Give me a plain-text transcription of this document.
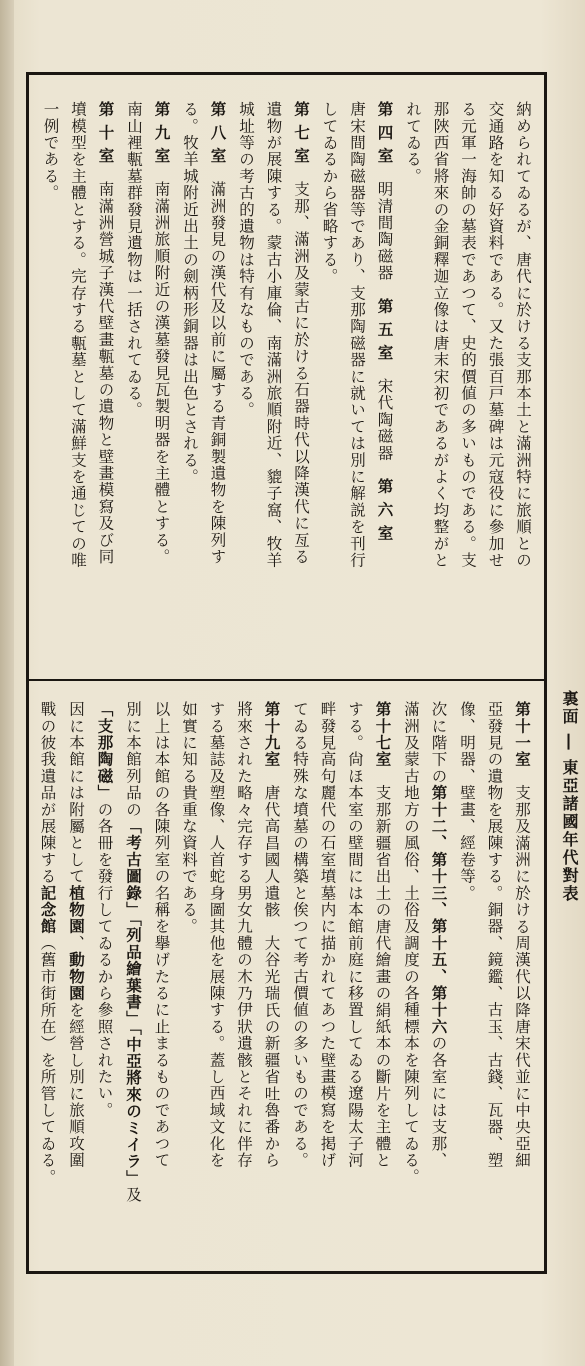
裏面 ― 東亞諸國年代對表
納められてゐるが、唐代に於ける支那本土と滿洲特に旅順との
交通路を知る好資料である。又た張百戸墓碑は元寇役に參加せ
る元軍一海帥の墓表であつて、史的價値の多いものである。支
那陜西省將來の金銅釋迦立像は唐末宋初であるがよく均整がと
れてゐる。
第 四 室　明清間陶磁器　第 五 室　宋代陶磁器　第 六 室
唐宋間陶磁器等であり、支那陶磁器に就いては別に解説を刊行
してゐるから省略する。
第 七 室　支那、滿洲及蒙古に於ける石器時代以降漢代に亙る
遺物が展陳する。蒙古小庫倫、南滿洲旅順附近、貔子窩、牧羊
城址等の考古的遺物は特有なものである。
第 八 室　滿洲發見の漢代及以前に屬する青銅製遺物を陳列す
る。牧羊城附近出土の劍柄形銅器は出色とされる。
第 九 室　南滿洲旅順附近の漢墓發見瓦製明器を主體とする。
南山裡甎墓群發見遺物は一括されてゐる。
第 十 室　南滿洲營城子漢代壁畫甎墓の遺物と壁畫模寫及び同
墳模型を主體とする。完存する甎墓として滿鮮支を通じての唯
一例である。
第十一室　支那及滿洲に於ける周漢代以降唐宋代並に中央亞細
亞發見の遺物を展陳する。銅器、鏡鑑、古玉、古錢、瓦器、塑
像、明器、壁畫、經卷等。
次に階下の第十二、第十三、第十五、第十六の各室には支那、
滿洲及蒙古地方の風俗、土俗及調度の各種標本を陳列してゐる。
第十七室　支那新疆省出土の唐代繪畫の絹紙本の斷片を主體と
する。尙ほ本室の壁間には本館前庭に移置してゐる遼陽太子河
畔發見高句麗代の石室墳墓内に描かれてあつた壁畫模寫を掲げ
てゐる特殊な墳墓の構築と俟つて考古價値の多いものである。
第十九室　唐代高昌國人遺骸　大谷光瑞氏の新疆省吐魯番から
將來された略々完存する男女九體の木乃伊狀遺骸とそれに伴存
する墓誌及塑像、人首蛇身圖其他を展陳する。蓋し西域文化を
如實に知る貴重な資料である。
以上は本館の各陳列室の名稱を擧げたるに止まるものであつて
別に本館列品の「考古圖錄」「列品繪葉書」「中亞將來のミイラ」及
「支那陶磁」の各冊を發行してゐるから參照されたい。
因に本館には附屬として植物園、動物園を經營し別に旅順攻圍
戰の彼我遺品が展陳する記念館（舊市街所在）を所管してゐる。
